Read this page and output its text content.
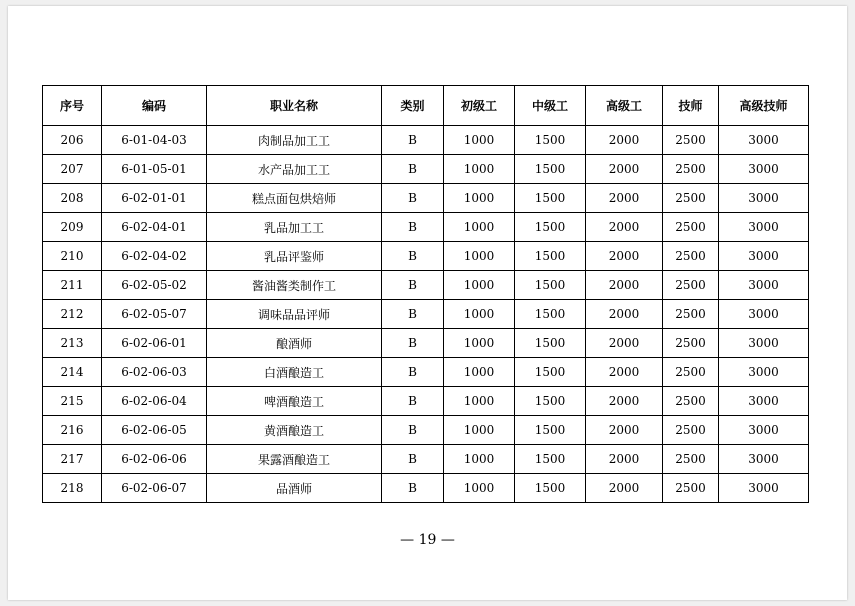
序号	编码	职业名称	类别	初级工	中级工	高级工	技师	高级技师
206	6-01-04-03	肉制品加工工	B	1000	1500	2000	2500	3000
207	6-01-05-01	水产品加工工	B	1000	1500	2000	2500	3000
208	6-02-01-01	糕点面包烘焙师	B	1000	1500	2000	2500	3000
209	6-02-04-01	乳品加工工	B	1000	1500	2000	2500	3000
210	6-02-04-02	乳品评鉴师	B	1000	1500	2000	2500	3000
211	6-02-05-02	酱油酱类制作工	B	1000	1500	2000	2500	3000
212	6-02-05-07	调味品品评师	B	1000	1500	2000	2500	3000
213	6-02-06-01	酿酒师	B	1000	1500	2000	2500	3000
214	6-02-06-03	白酒酿造工	B	1000	1500	2000	2500	3000
215	6-02-06-04	啤酒酿造工	B	1000	1500	2000	2500	3000
216	6-02-06-05	黄酒酿造工	B	1000	1500	2000	2500	3000
217	6-02-06-06	果露酒酿造工	B	1000	1500	2000	2500	3000
218	6-02-06-07	品酒师	B	1000	1500	2000	2500	3000
— 19 —
